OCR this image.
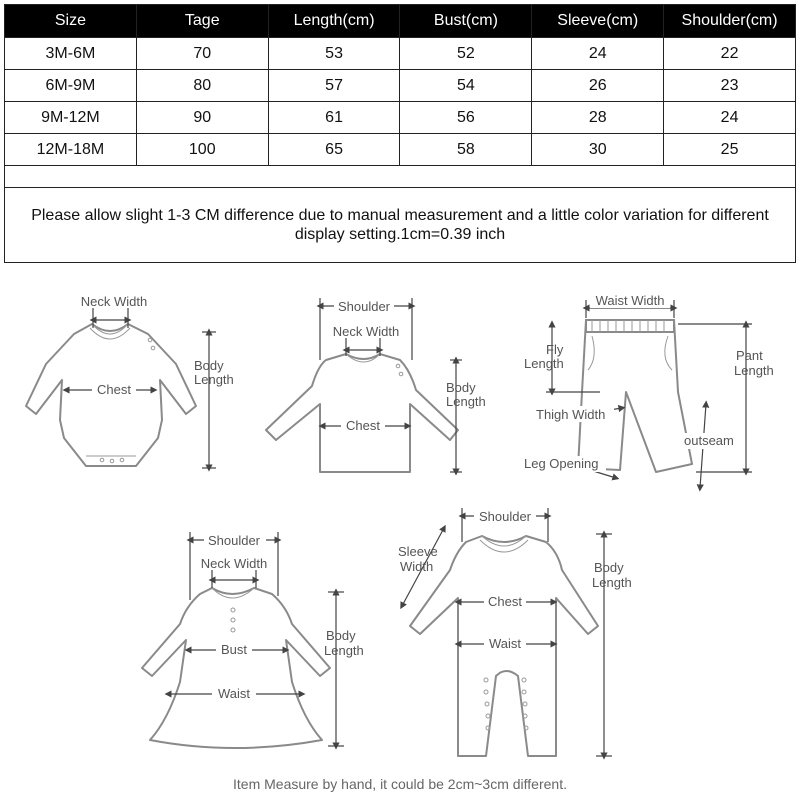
Size	Tage	Length(cm)	Bust(cm)	Sleeve(cm)	Shoulder(cm)
3M-6M	70	53	52	24	22
6M-9M	80	57	54	26	23
9M-12M	90	61	56	28	24
12M-18M	100	65	58	30	25

Please allow slight 1-3 CM difference due to manual measurement and a little color variation for different
display setting.1cm=0.39 inch					
Neck Width
Chest
Body
Length
Shoulder
Neck Width
Chest
Body
Length
Waist Width
Fly
Length
Pant
Length
Thigh Width
outseam
Leg Opening
Shoulder
Neck Width
Bust
Waist
Body
Length
Shoulder
Sleeve
Width
Chest
Waist
Body
Length
Item Measure by hand, it could be 2cm~3cm different.
